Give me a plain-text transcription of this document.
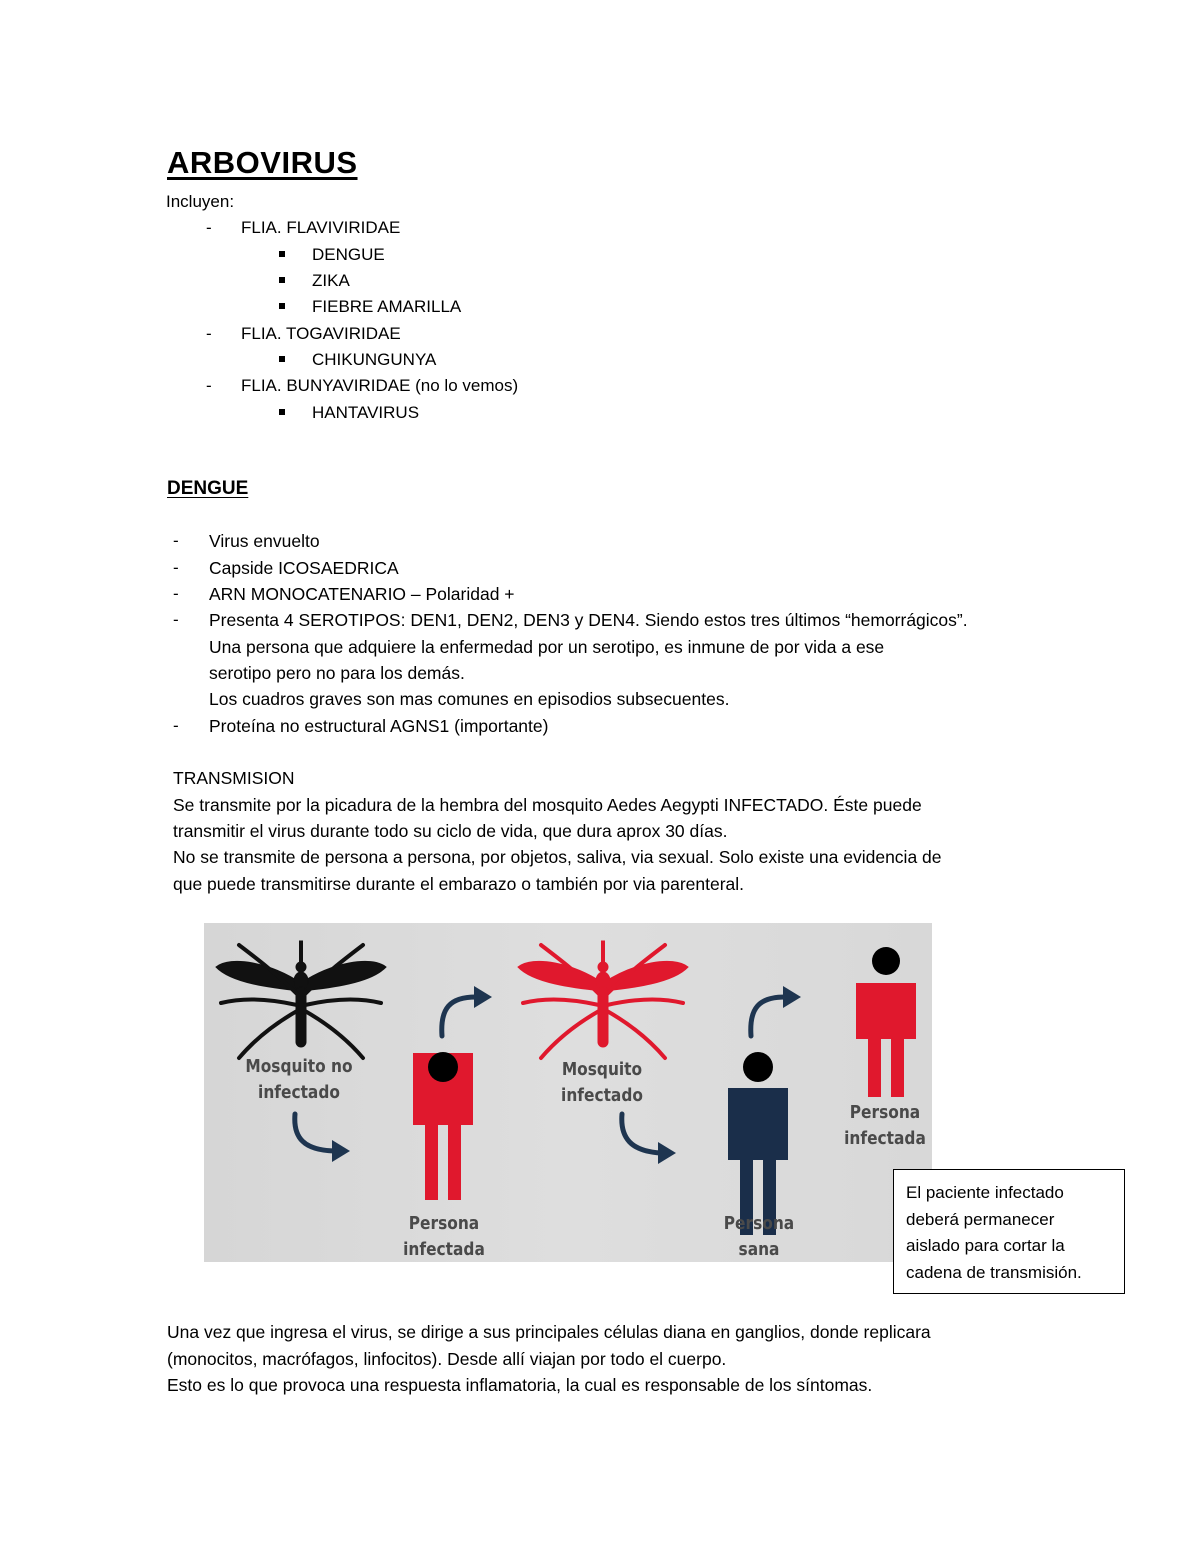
ARBOVIRUS
Incluyen:
- FLIA. FLAVIVIRIDAE
DENGUE
ZIKA
FIEBRE AMARILLA
- FLIA. TOGAVIRIDAE
CHIKUNGUNYA
- FLIA. BUNYAVIRIDAE (no lo vemos)
HANTAVIRUS
DENGUE
- Virus envuelto
- Capside ICOSAEDRICA
- ARN MONOCATENARIO – Polaridad +
- Presenta 4 SEROTIPOS: DEN1, DEN2, DEN3 y DEN4. Siendo estos tres últimos “hemorrágicos”.
Una persona que adquiere la enfermedad por un serotipo, es inmune de por vida a ese
serotipo pero no para los demás.
Los cuadros graves son mas comunes en episodios subsecuentes.
- Proteína no estructural AGNS1 (importante)
TRANSMISION
Se transmite por la picadura de la hembra del mosquito Aedes Aegypti INFECTADO. Éste puede
transmitir el virus durante todo su ciclo de vida, que dura aprox 30 días.
No se transmite de persona a persona, por objetos, saliva, via sexual. Solo existe una evidencia de
que puede transmitirse durante el embarazo o también por via parenteral.
Mosquito no
infectado
Persona
infectada
Mosquito
infectado
Persona
sana
Persona
infectada
El paciente infectado
deberá permanecer
aislado para cortar la
cadena de transmisión.
Una vez que ingresa el virus, se dirige a sus principales células diana en ganglios, donde replicara
(monocitos, macrófagos, linfocitos). Desde allí viajan por todo el cuerpo.
Esto es lo que provoca una respuesta inflamatoria, la cual es responsable de los síntomas.
